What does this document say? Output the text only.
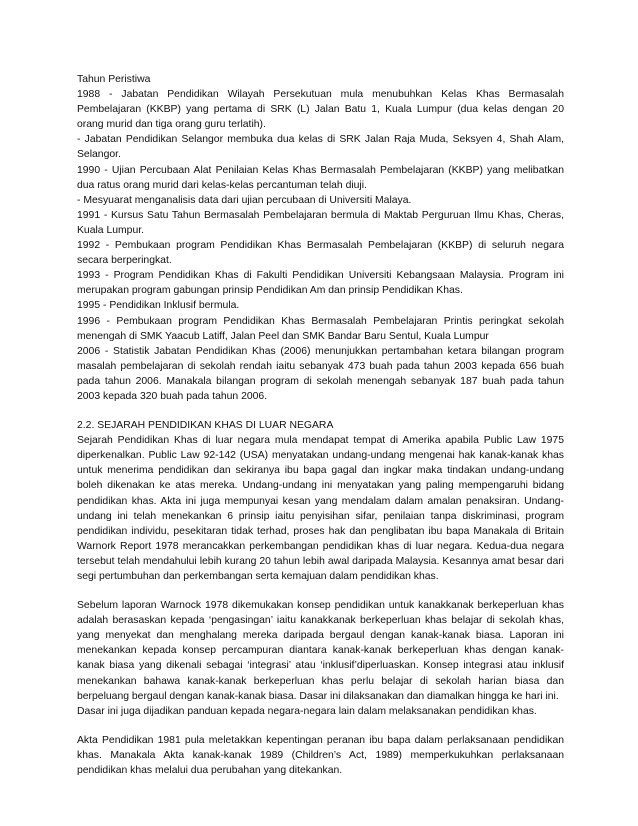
Tahun Peristiwa
1988 - Jabatan Pendidikan Wilayah Persekutuan mula menubuhkan Kelas Khas Bermasalah
Pembelajaran (KKBP) yang pertama di SRK (L) Jalan Batu 1, Kuala Lumpur (dua kelas dengan 20
orang murid dan tiga orang guru terlatih).
- Jabatan Pendidikan Selangor membuka dua kelas di SRK Jalan Raja Muda, Seksyen 4, Shah Alam,
Selangor.
1990 - Ujian Percubaan Alat Penilaian Kelas Khas Bermasalah Pembelajaran (KKBP) yang melibatkan
dua ratus orang murid dari kelas-kelas percantuman telah diuji.
- Mesyuarat menganalisis data dari ujian percubaan di Universiti Malaya.
1991 - Kursus Satu Tahun Bermasalah Pembelajaran bermula di Maktab Perguruan Ilmu Khas, Cheras,
Kuala Lumpur.
1992 - Pembukaan program Pendidikan Khas Bermasalah Pembelajaran (KKBP) di seluruh negara
secara berperingkat.
1993 - Program Pendidikan Khas di Fakulti Pendidikan Universiti Kebangsaan Malaysia. Program ini
merupakan program gabungan prinsip Pendidikan Am dan prinsip Pendidikan Khas.
1995 - Pendidikan Inklusif bermula.
1996 - Pembukaan program Pendidikan Khas Bermasalah Pembelajaran Printis peringkat sekolah
menengah di SMK Yaacub Latiff, Jalan Peel dan SMK Bandar Baru Sentul, Kuala Lumpur
2006 - Statistik Jabatan Pendidikan Khas (2006) menunjukkan pertambahan ketara bilangan program
masalah pembelajaran di sekolah rendah iaitu sebanyak 473 buah pada tahun 2003 kepada 656 buah
pada tahun 2006. Manakala bilangan program di sekolah menengah sebanyak 187 buah pada tahun
2003 kepada 320 buah pada tahun 2006.
2.2. SEJARAH PENDIDIKAN KHAS DI LUAR NEGARA
Sejarah Pendidikan Khas di luar negara mula mendapat tempat di Amerika apabila Public Law 1975
diperkenalkan. Public Law 92-142 (USA) menyatakan undang-undang mengenai hak kanak-kanak khas
untuk menerima pendidikan dan sekiranya ibu bapa gagal dan ingkar maka tindakan undang-undang
boleh dikenakan ke atas mereka. Undang-undang ini menyatakan yang paling mempengaruhi bidang
pendidikan khas. Akta ini juga mempunyai kesan yang mendalam dalam amalan penaksiran. Undang-
undang ini telah menekankan 6 prinsip iaitu penyisihan sifar, penilaian tanpa diskriminasi, program
pendidikan individu, pesekitaran tidak terhad, proses hak dan penglibatan ibu bapa Manakala di Britain
Warnork Report 1978 merancakkan perkembangan pendidikan khas di luar negara. Kedua-dua negara
tersebut telah mendahului lebih kurang 20 tahun lebih awal daripada Malaysia. Kesannya amat besar dari
segi pertumbuhan dan perkembangan serta kemajuan dalam pendidikan khas.
Sebelum laporan Warnock 1978 dikemukakan konsep pendidikan untuk kanakkanak berkeperluan khas
adalah berasaskan kepada ‘pengasingan’ iaitu kanakkanak berkeperluan khas belajar di sekolah khas,
yang menyekat dan menghalang mereka daripada bergaul dengan kanak-kanak biasa. Laporan ini
menekankan kepada konsep percampuran diantara kanak-kanak berkeperluan khas dengan kanak-
kanak biasa yang dikenali sebagai ‘integrasi’ atau ‘inklusif’diperluaskan. Konsep integrasi atau inklusif
menekankan bahawa kanak-kanak berkeperluan khas perlu belajar di sekolah harian biasa dan
berpeluang bergaul dengan kanak-kanak biasa. Dasar ini dilaksanakan dan diamalkan hingga ke hari ini.
Dasar ini juga dijadikan panduan kepada negara-negara lain dalam melaksanakan pendidikan khas.
Akta Pendidikan 1981 pula meletakkan kepentingan peranan ibu bapa dalam perlaksanaan pendidikan
khas. Manakala Akta kanak-kanak 1989 (Children’s Act, 1989) memperkukuhkan perlaksanaan
pendidikan khas melalui dua perubahan yang ditekankan.
